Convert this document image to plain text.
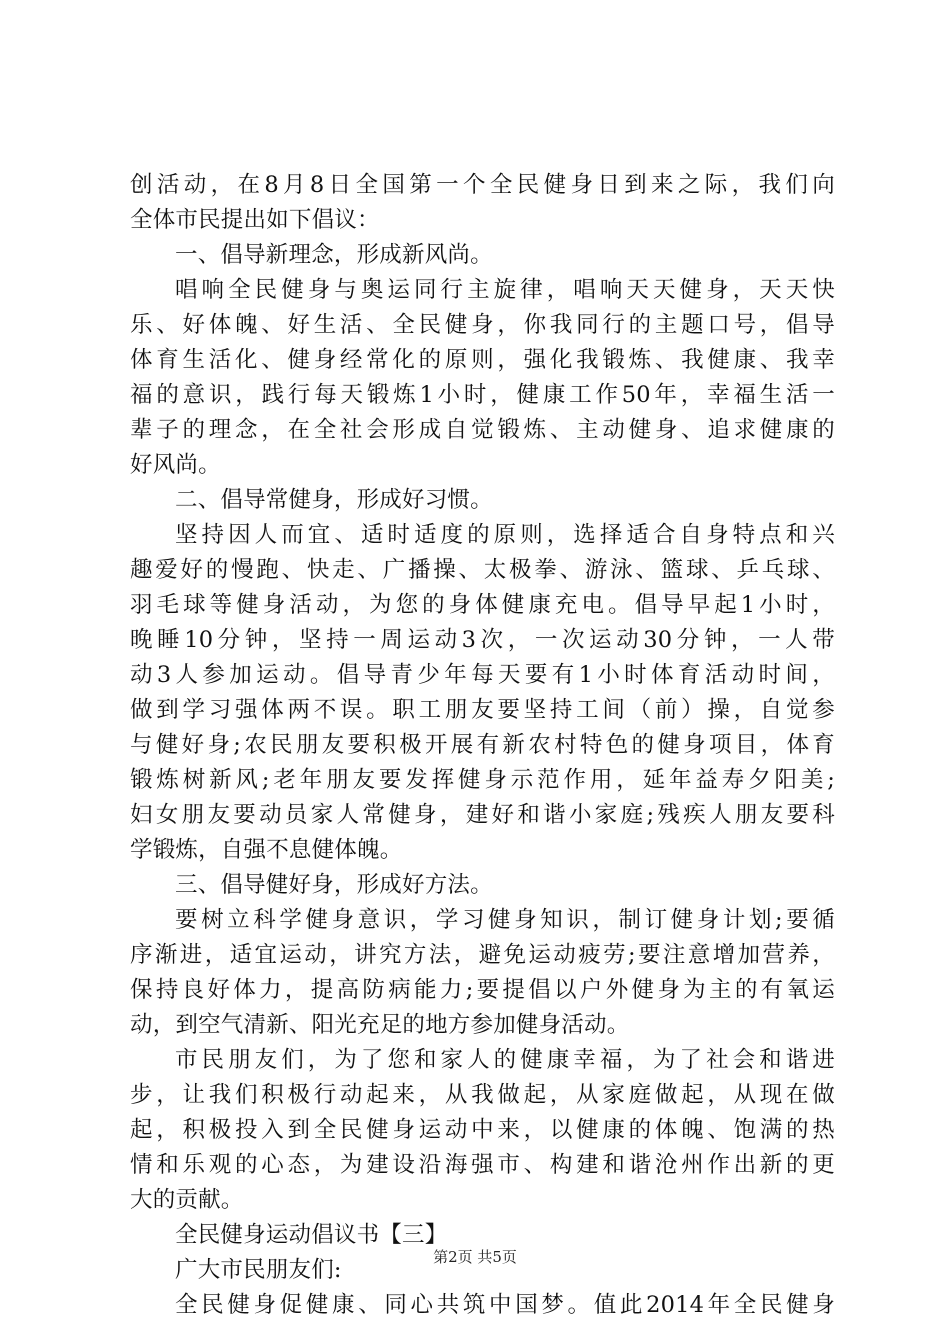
创活动，在8月8日全国第一个全民健身日到来之际，我们向
全体市民提出如下倡议：
一、倡导新理念，形成新风尚。
唱响全民健身与奥运同行主旋律，唱响天天健身，天天快
乐、好体魄、好生活、全民健身，你我同行的主题口号，倡导
体育生活化、健身经常化的原则，强化我锻炼、我健康、我幸
福的意识，践行每天锻炼1小时，健康工作50年，幸福生活一
辈子的理念，在全社会形成自觉锻炼、主动健身、追求健康的
好风尚。
二、倡导常健身，形成好习惯。
坚持因人而宜、适时适度的原则，选择适合自身特点和兴
趣爱好的慢跑、快走、广播操、太极拳、游泳、篮球、乒乓球、
羽毛球等健身活动，为您的身体健康充电。倡导早起1小时，
晚睡10分钟，坚持一周运动3次，一次运动30分钟，一人带
动3人参加运动。倡导青少年每天要有1小时体育活动时间，
做到学习强体两不误。职工朋友要坚持工间（前）操，自觉参
与健好身;农民朋友要积极开展有新农村特色的健身项目，体育
锻炼树新风;老年朋友要发挥健身示范作用，延年益寿夕阳美;
妇女朋友要动员家人常健身，建好和谐小家庭;残疾人朋友要科
学锻炼，自强不息健体魄。
三、倡导健好身，形成好方法。
要树立科学健身意识，学习健身知识，制订健身计划;要循
序渐进，适宜运动，讲究方法，避免运动疲劳;要注意增加营养，
保持良好体力，提高防病能力;要提倡以户外健身为主的有氧运
动，到空气清新、阳光充足的地方参加健身活动。
市民朋友们，为了您和家人的健康幸福，为了社会和谐进
步，让我们积极行动起来，从我做起，从家庭做起，从现在做
起，积极投入到全民健身运动中来，以健康的体魄、饱满的热
情和乐观的心态，为建设沿海强市、构建和谐沧州作出新的更
大的贡献。
全民健身运动倡议书【三】
广大市民朋友们:
全民健身促健康、同心共筑中国梦。值此2014年全民健身
第2页 共5页
